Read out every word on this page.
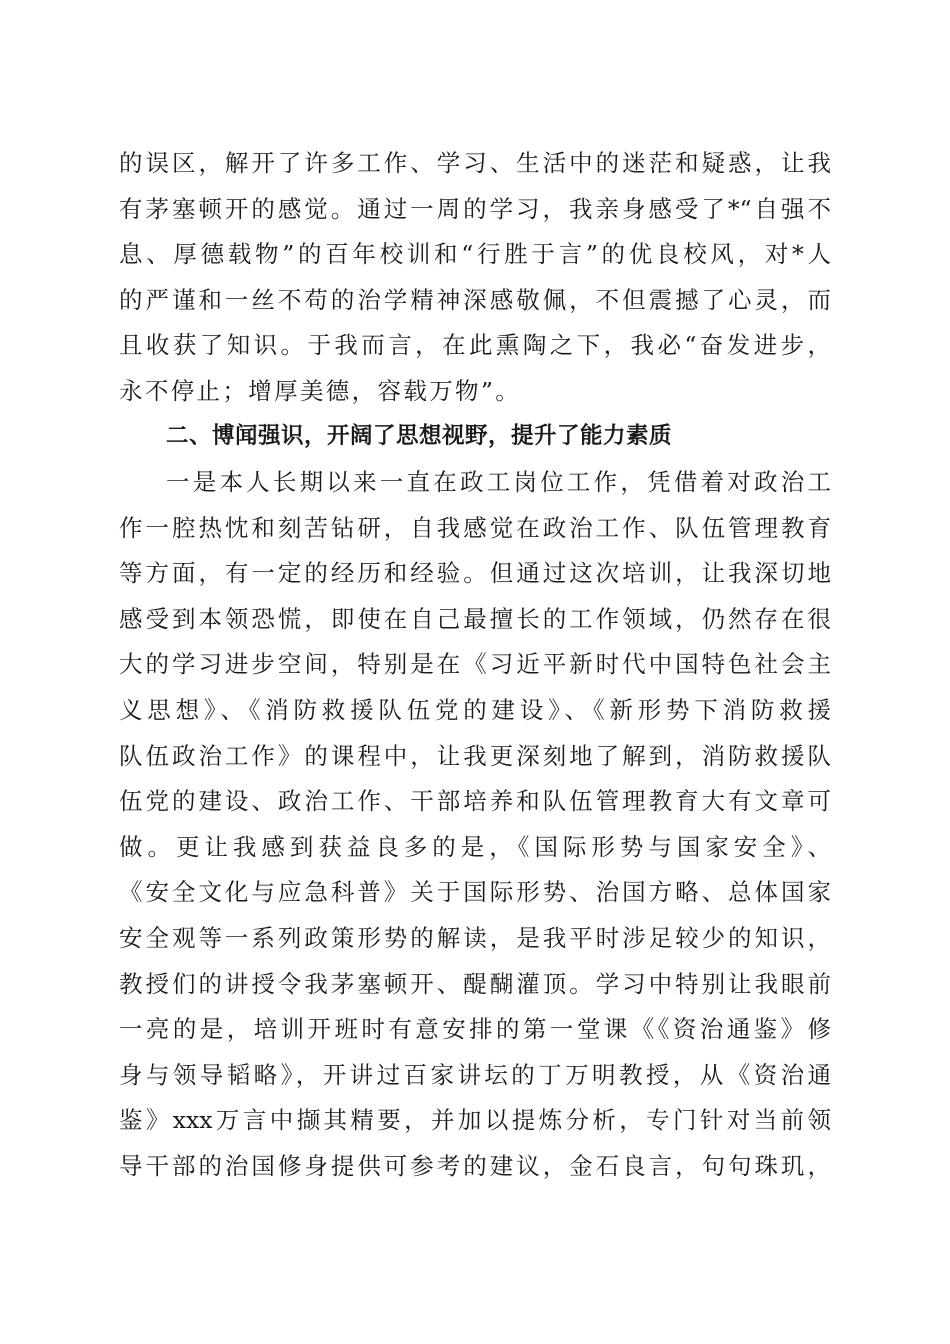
的误区，解开了许多工作、学习、生活中的迷茫和疑惑，让我
有茅塞顿开的感觉。通过一周的学习，我亲身感受了*“自强不
息、厚德载物”的百年校训和“行胜于言”的优良校风，对*人
的严谨和一丝不苟的治学精神深感敬佩，不但震撼了心灵，而
且收获了知识。于我而言，在此熏陶之下，我必“奋发进步，
永不停止；增厚美德，容载万物”。
二、博闻强识，开阔了思想视野，提升了能力素质
一是本人长期以来一直在政工岗位工作，凭借着对政治工
作一腔热忱和刻苦钻研，自我感觉在政治工作、队伍管理教育
等方面，有一定的经历和经验。但通过这次培训，让我深切地
感受到本领恐慌，即使在自己最擅长的工作领域，仍然存在很
大的学习进步空间，特别是在《习近平新时代中国特色社会主
义思想》、《消防救援队伍党的建设》、《新形势下消防救援
队伍政治工作》的课程中，让我更深刻地了解到，消防救援队
伍党的建设、政治工作、干部培养和队伍管理教育大有文章可
做。更让我感到获益良多的是，《国际形势与国家安全》、
《安全文化与应急科普》关于国际形势、治国方略、总体国家
安全观等一系列政策形势的解读，是我平时涉足较少的知识，
教授们的讲授令我茅塞顿开、醍醐灌顶。学习中特别让我眼前
一亮的是，培训开班时有意安排的第一堂课《《资治通鉴》修
身与领导韬略》，开讲过百家讲坛的丁万明教授，从《资治通
鉴》xxx万言中撷其精要，并加以提炼分析，专门针对当前领
导干部的治国修身提供可参考的建议，金石良言，句句珠玑，
